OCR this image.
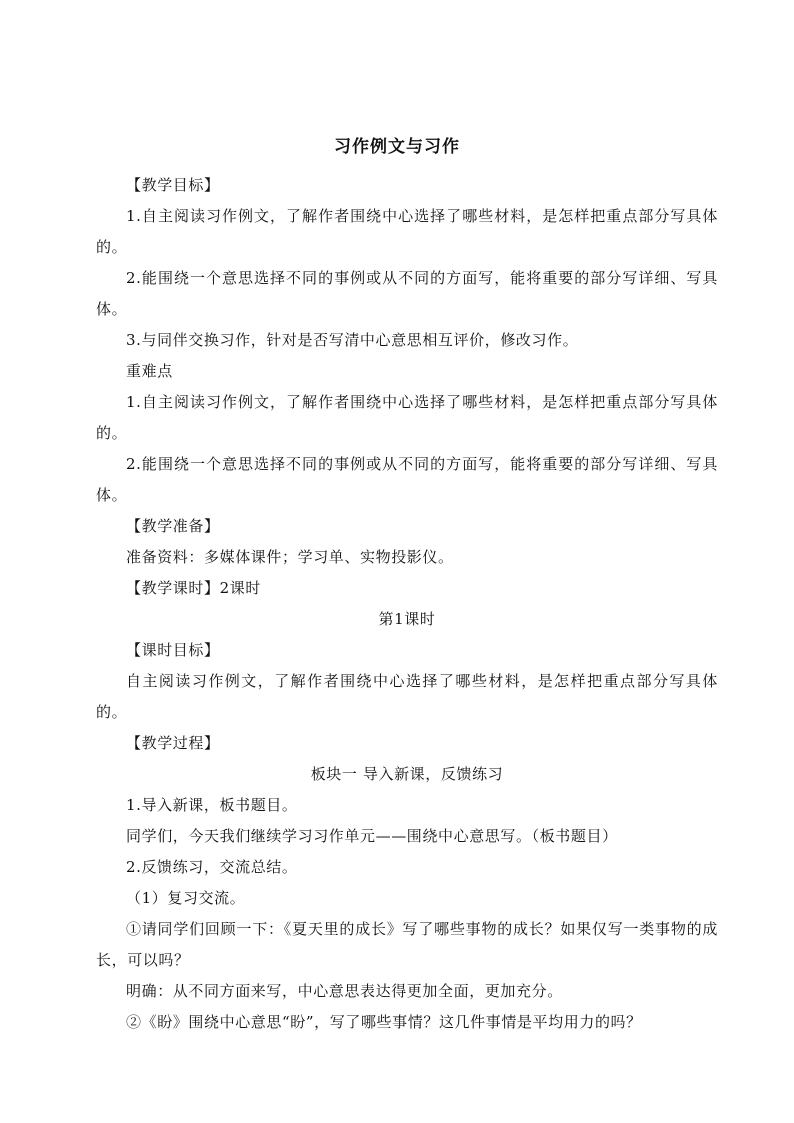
习作例文与习作

【教学目标】

1.自主阅读习作例文，了解作者围绕中心选择了哪些材料，是怎样把重点部分写具体的。

2.能围绕一个意思选择不同的事例或从不同的方面写，能将重要的部分写详细、写具体。

3.与同伴交换习作，针对是否写清中心意思相互评价，修改习作。

重难点

1.自主阅读习作例文，了解作者围绕中心选择了哪些材料，是怎样把重点部分写具体的。

2.能围绕一个意思选择不同的事例或从不同的方面写，能将重要的部分写详细、写具体。

【教学准备】

准备资料：多媒体课件；学习单、实物投影仪。

【教学课时】2课时

第1课时

【课时目标】

自主阅读习作例文，了解作者围绕中心选择了哪些材料，是怎样把重点部分写具体的。

【教学过程】

板块一 导入新课，反馈练习

1.导入新课，板书题目。

同学们，今天我们继续学习习作单元——围绕中心意思写。（板书题目）

2.反馈练习，交流总结。

（1）复习交流。

①请同学们回顾一下：《夏天里的成长》写了哪些事物的成长？如果仅写一类事物的成长，可以吗？

明确：从不同方面来写，中心意思表达得更加全面，更加充分。

②《盼》围绕中心意思“盼”，写了哪些事情？这几件事情是平均用力的吗？
